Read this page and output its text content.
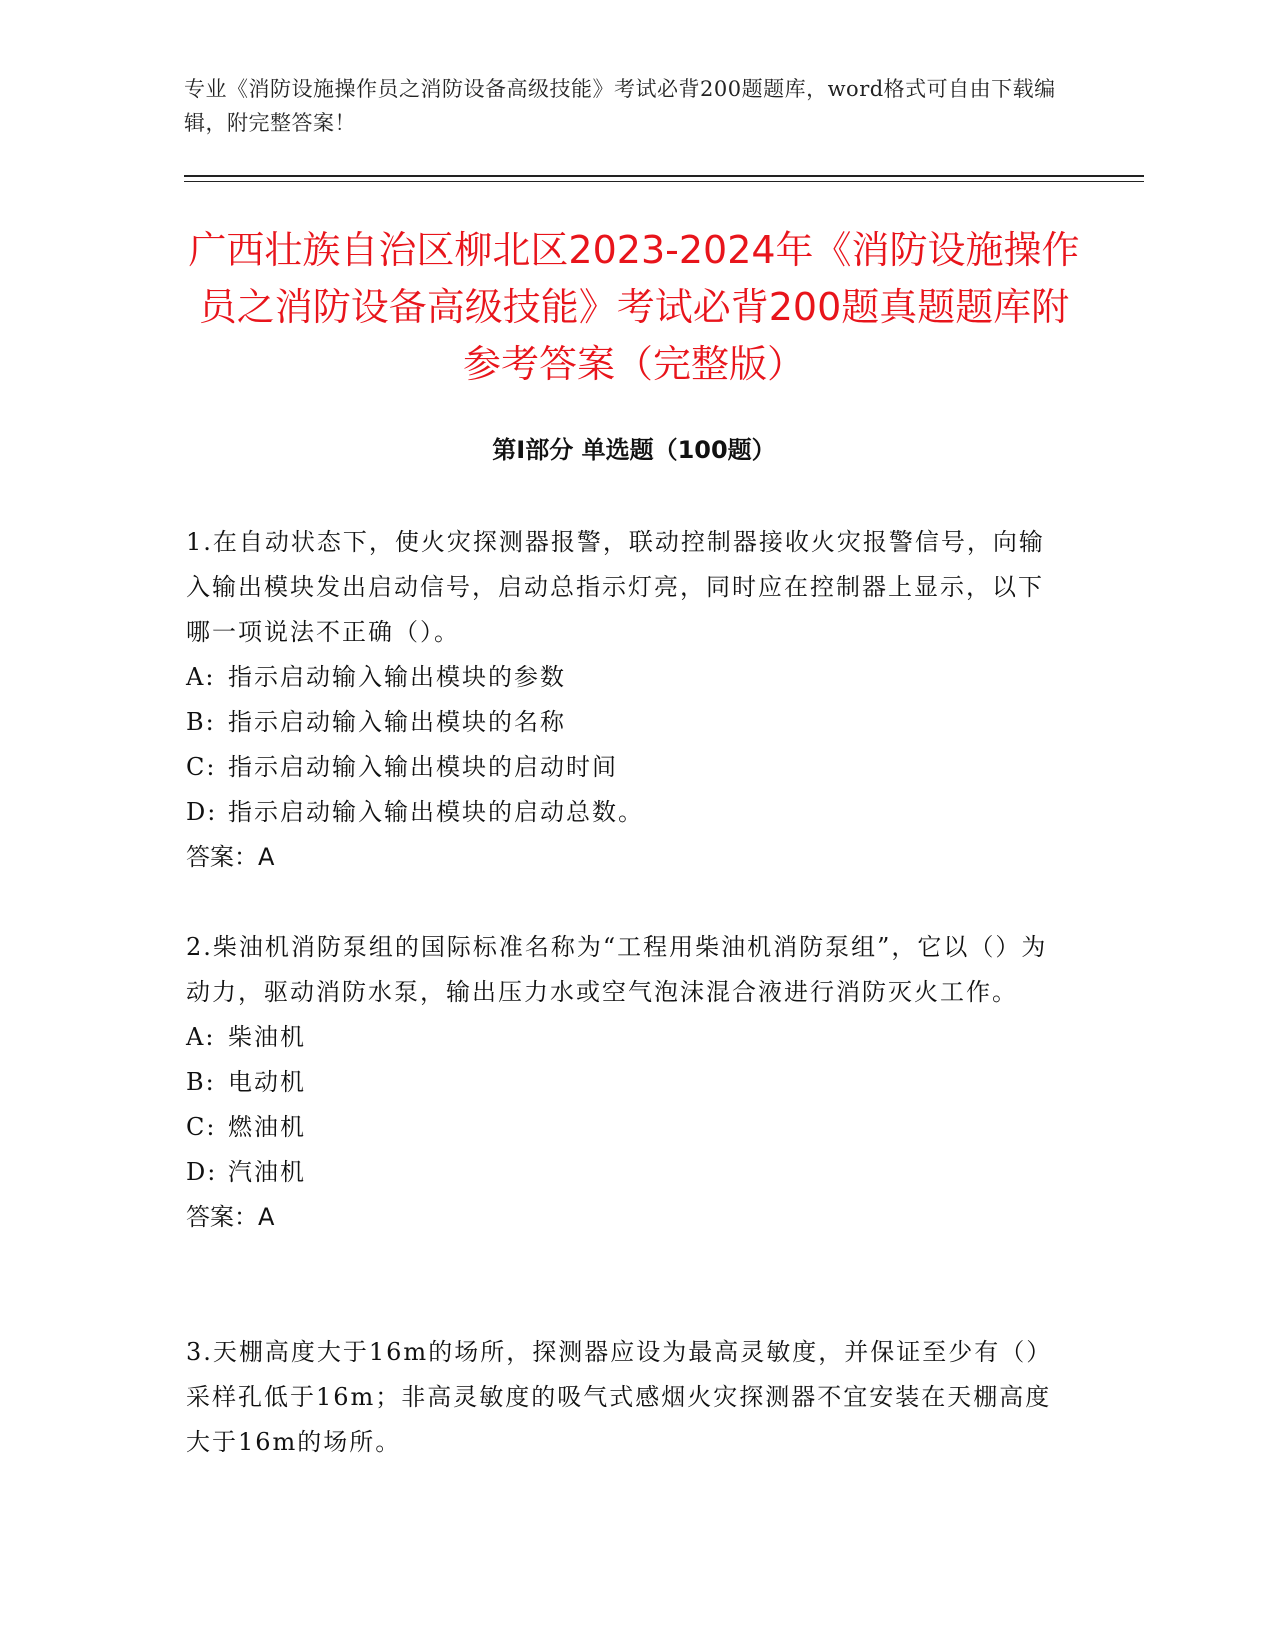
专业《消防设施操作员之消防设备高级技能》考试必背200题题库，word格式可自由下载编辑，附完整答案！
广西壮族自治区柳北区2023-2024年《消防设施操作员之消防设备高级技能》考试必背200题真题题库附参考答案（完整版）
第Ⅰ部分 单选题（100题）

1.在自动状态下，使火灾探测器报警，联动控制器接收火灾报警信号，向输入输出模块发出启动信号，启动总指示灯亮，同时应在控制器上显示，以下哪一项说法不正确（）。

A: 指示启动输入输出模块的参数

B: 指示启动输入输出模块的名称

C: 指示启动输入输出模块的启动时间

D: 指示启动输入输出模块的启动总数。

答案：A

2.柴油机消防泵组的国际标准名称为“工程用柴油机消防泵组”，它以（）为动力，驱动消防水泵，输出压力水或空气泡沫混合液进行消防灭火工作。

A: 柴油机

B: 电动机

C: 燃油机

D: 汽油机

答案：A

3.天棚高度大于16m的场所，探测器应设为最高灵敏度，并保证至少有（）采样孔低于16m；非高灵敏度的吸气式感烟火灾探测器不宜安装在天棚高度大于16m的场所。
